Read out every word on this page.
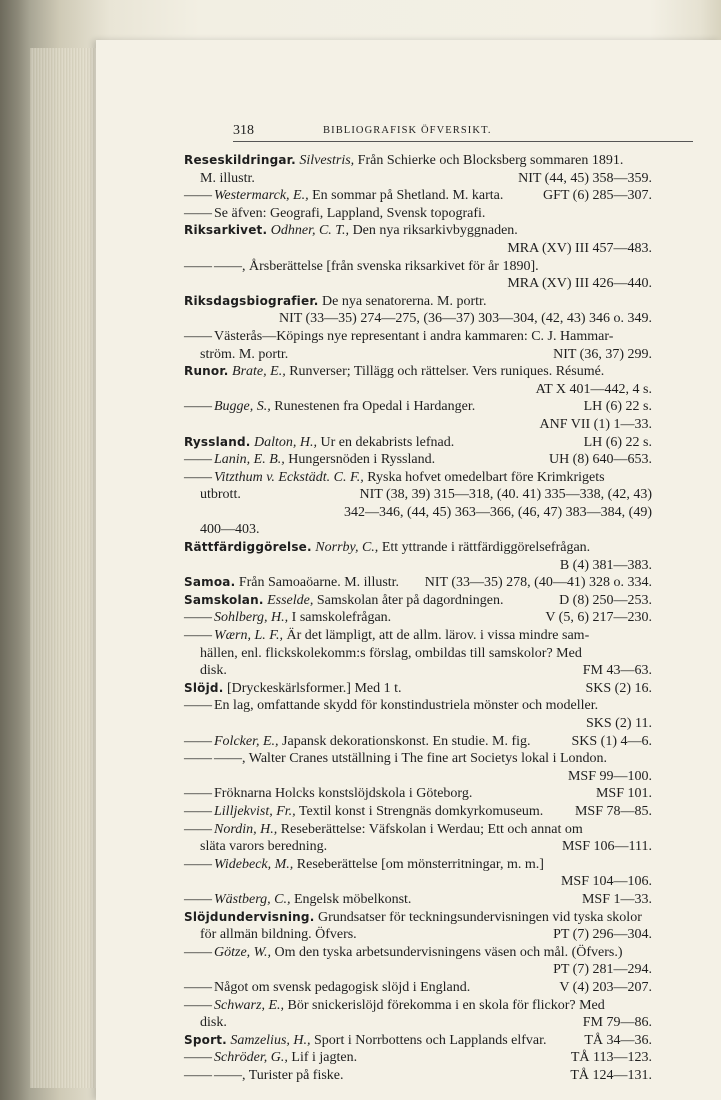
318	BIBLIOGRAFISK ÖFVERSIKT.
Reseskildringar. Silvestris, Från Schierke och Blocksberg sommaren 1891.
M. illustr.	NIT (44, 45) 358—359.
—— Westermarck, E., En sommar på Shetland. M. karta.	GFT (6) 285—307.
—— Se äfven: Geografi, Lappland, Svensk topografi.
Riksarkivet. Odhner, C. T., Den nya riksarkivbyggnaden.
MRA (XV) III 457—483.
—— ——, Årsberättelse [från svenska riksarkivet för år 1890].
MRA (XV) III 426—440.
Riksdagsbiografier. De nya senatorerna. M. portr.
NIT (33—35) 274—275, (36—37) 303—304, (42, 43) 346 o. 349.
—— Västerås—Köpings nye representant i andra kammaren: C. J. Hammar-
ström. M. portr.	NIT (36, 37) 299.
Runor. Brate, E., Runverser; Tillägg och rättelser. Vers runiques. Résumé.
AT X 401—442, 4 s.
—— Bugge, S., Runestenen fra Opedal i Hardanger.	LH (6) 22 s.
ANF VII (1) 1—33.
Ryssland. Dalton, H., Ur en dekabrists lefnad.	LH (6) 22 s.
—— Lanin, E. B., Hungersnöden i Ryssland.	UH (8) 640—653.
—— Vitzthum v. Eckstädt. C. F., Ryska hofvet omedelbart före Krimkrigets
utbrott.	NIT (38, 39) 315—318, (40. 41) 335—338, (42, 43)
342—346, (44, 45) 363—366, (46, 47) 383—384, (49)
400—403.
Rättfärdiggörelse. Norrby, C., Ett yttrande i rättfärdiggörelsefrågan.
B (4) 381—383.
Samoa. Från Samoaöarne. M. illustr. NIT (33—35) 278, (40—41) 328 o. 334.
Samskolan. Esselde, Samskolan åter på dagordningen.	D (8) 250—253.
—— Sohlberg, H., I samskolefrågan.	V (5, 6) 217—230.
—— Wærn, L. F., Är det lämpligt, att de allm. lärov. i vissa mindre sam-
hällen, enl. flickskolekomm:s förslag, ombildas till samskolor? Med
disk.	FM 43—63.
Slöjd. [Dryckeskärlsformer.] Med 1 t.	SKS (2) 16.
—— En lag, omfattande skydd för konstindustriela mönster och modeller.
SKS (2) 11.
—— Folcker, E., Japansk dekorationskonst. En studie. M. fig.	SKS (1) 4—6.
—— ——, Walter Cranes utställning i The fine art Societys lokal i London.
MSF 99—100.
—— Fröknarna Holcks konstslöjdskola i Göteborg.	MSF 101.
—— Lilljekvist, Fr., Textil konst i Strengnäs domkyrkomuseum. MSF 78—85.
—— Nordin, H., Reseberättelse: Väfskolan i Werdau; Ett och annat om
släta varors beredning.	MSF 106—111.
—— Widebeck, M., Reseberättelse [om mönsterritningar, m. m.]
MSF 104—106.
—— Wästberg, C., Engelsk möbelkonst.	MSF 1—33.
Slöjdundervisning. Grundsatser för teckningsundervisningen vid tyska skolor
för allmän bildning. Öfvers.	PT (7) 296—304.
—— Götze, W., Om den tyska arbetsundervisningens väsen och mål. (Öfvers.)
PT (7) 281—294.
—— Något om svensk pedagogisk slöjd i England.	V (4) 203—207.
—— Schwarz, E., Bör snickerislöjd förekomma i en skola för flickor? Med
disk.	FM 79—86.
Sport. Samzelius, H., Sport i Norrbottens och Lapplands elfvar.	TÅ 34—36.
—— Schröder, G., Lif i jagten.	TÅ 113—123.
—— ——, Turister på fiske.	TÅ 124—131.
